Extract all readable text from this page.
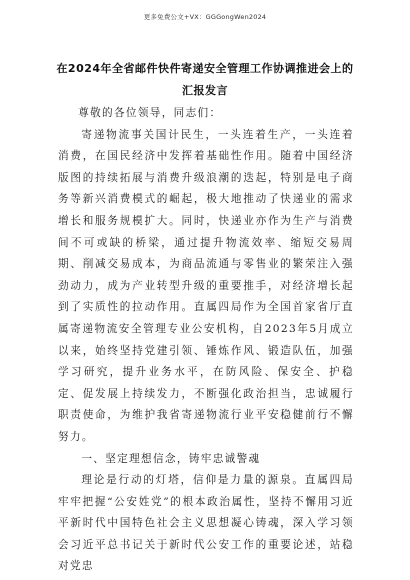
更多免费公文+VX：GGGongWen2024
在2024年全省邮件快件寄递安全管理工作协调推进会上的
汇报发言

尊敬的各位领导，同志们：

寄递物流事关国计民生，一头连着生产，一头连着消费，在国民经济中发挥着基础性作用。随着中国经济版图的持续拓展与消费升级浪潮的迭起，特别是电子商务等新兴消费模式的崛起，极大地推动了快递业的需求增长和服务规模扩大。同时，快递业亦作为生产与消费间不可或缺的桥梁，通过提升物流效率、缩短交易周期、削减交易成本，为商品流通与零售业的繁荣注入强劲动力，成为产业转型升级的重要推手，对经济增长起到了实质性的拉动作用。直属四局作为全国首家省厅直属寄递物流安全管理专业公安机构，自2023年5月成立以来，始终坚持党建引领、锤炼作风、锻造队伍，加强学习研究，提升业务水平，在防风险、保安全、护稳定、促发展上持续发力，不断强化政治担当，忠诚履行职责使命，为维护我省寄递物流行业平安稳健前行不懈努力。

一、坚定理想信念，铸牢忠诚警魂

理论是行动的灯塔，信仰是力量的源泉。直属四局牢牢把握“公安姓党”的根本政治属性，坚持不懈用习近平新时代中国特色社会主义思想凝心铸魂，深入学习领会习近平总书记关于新时代公安工作的重要论述，站稳对党忠
